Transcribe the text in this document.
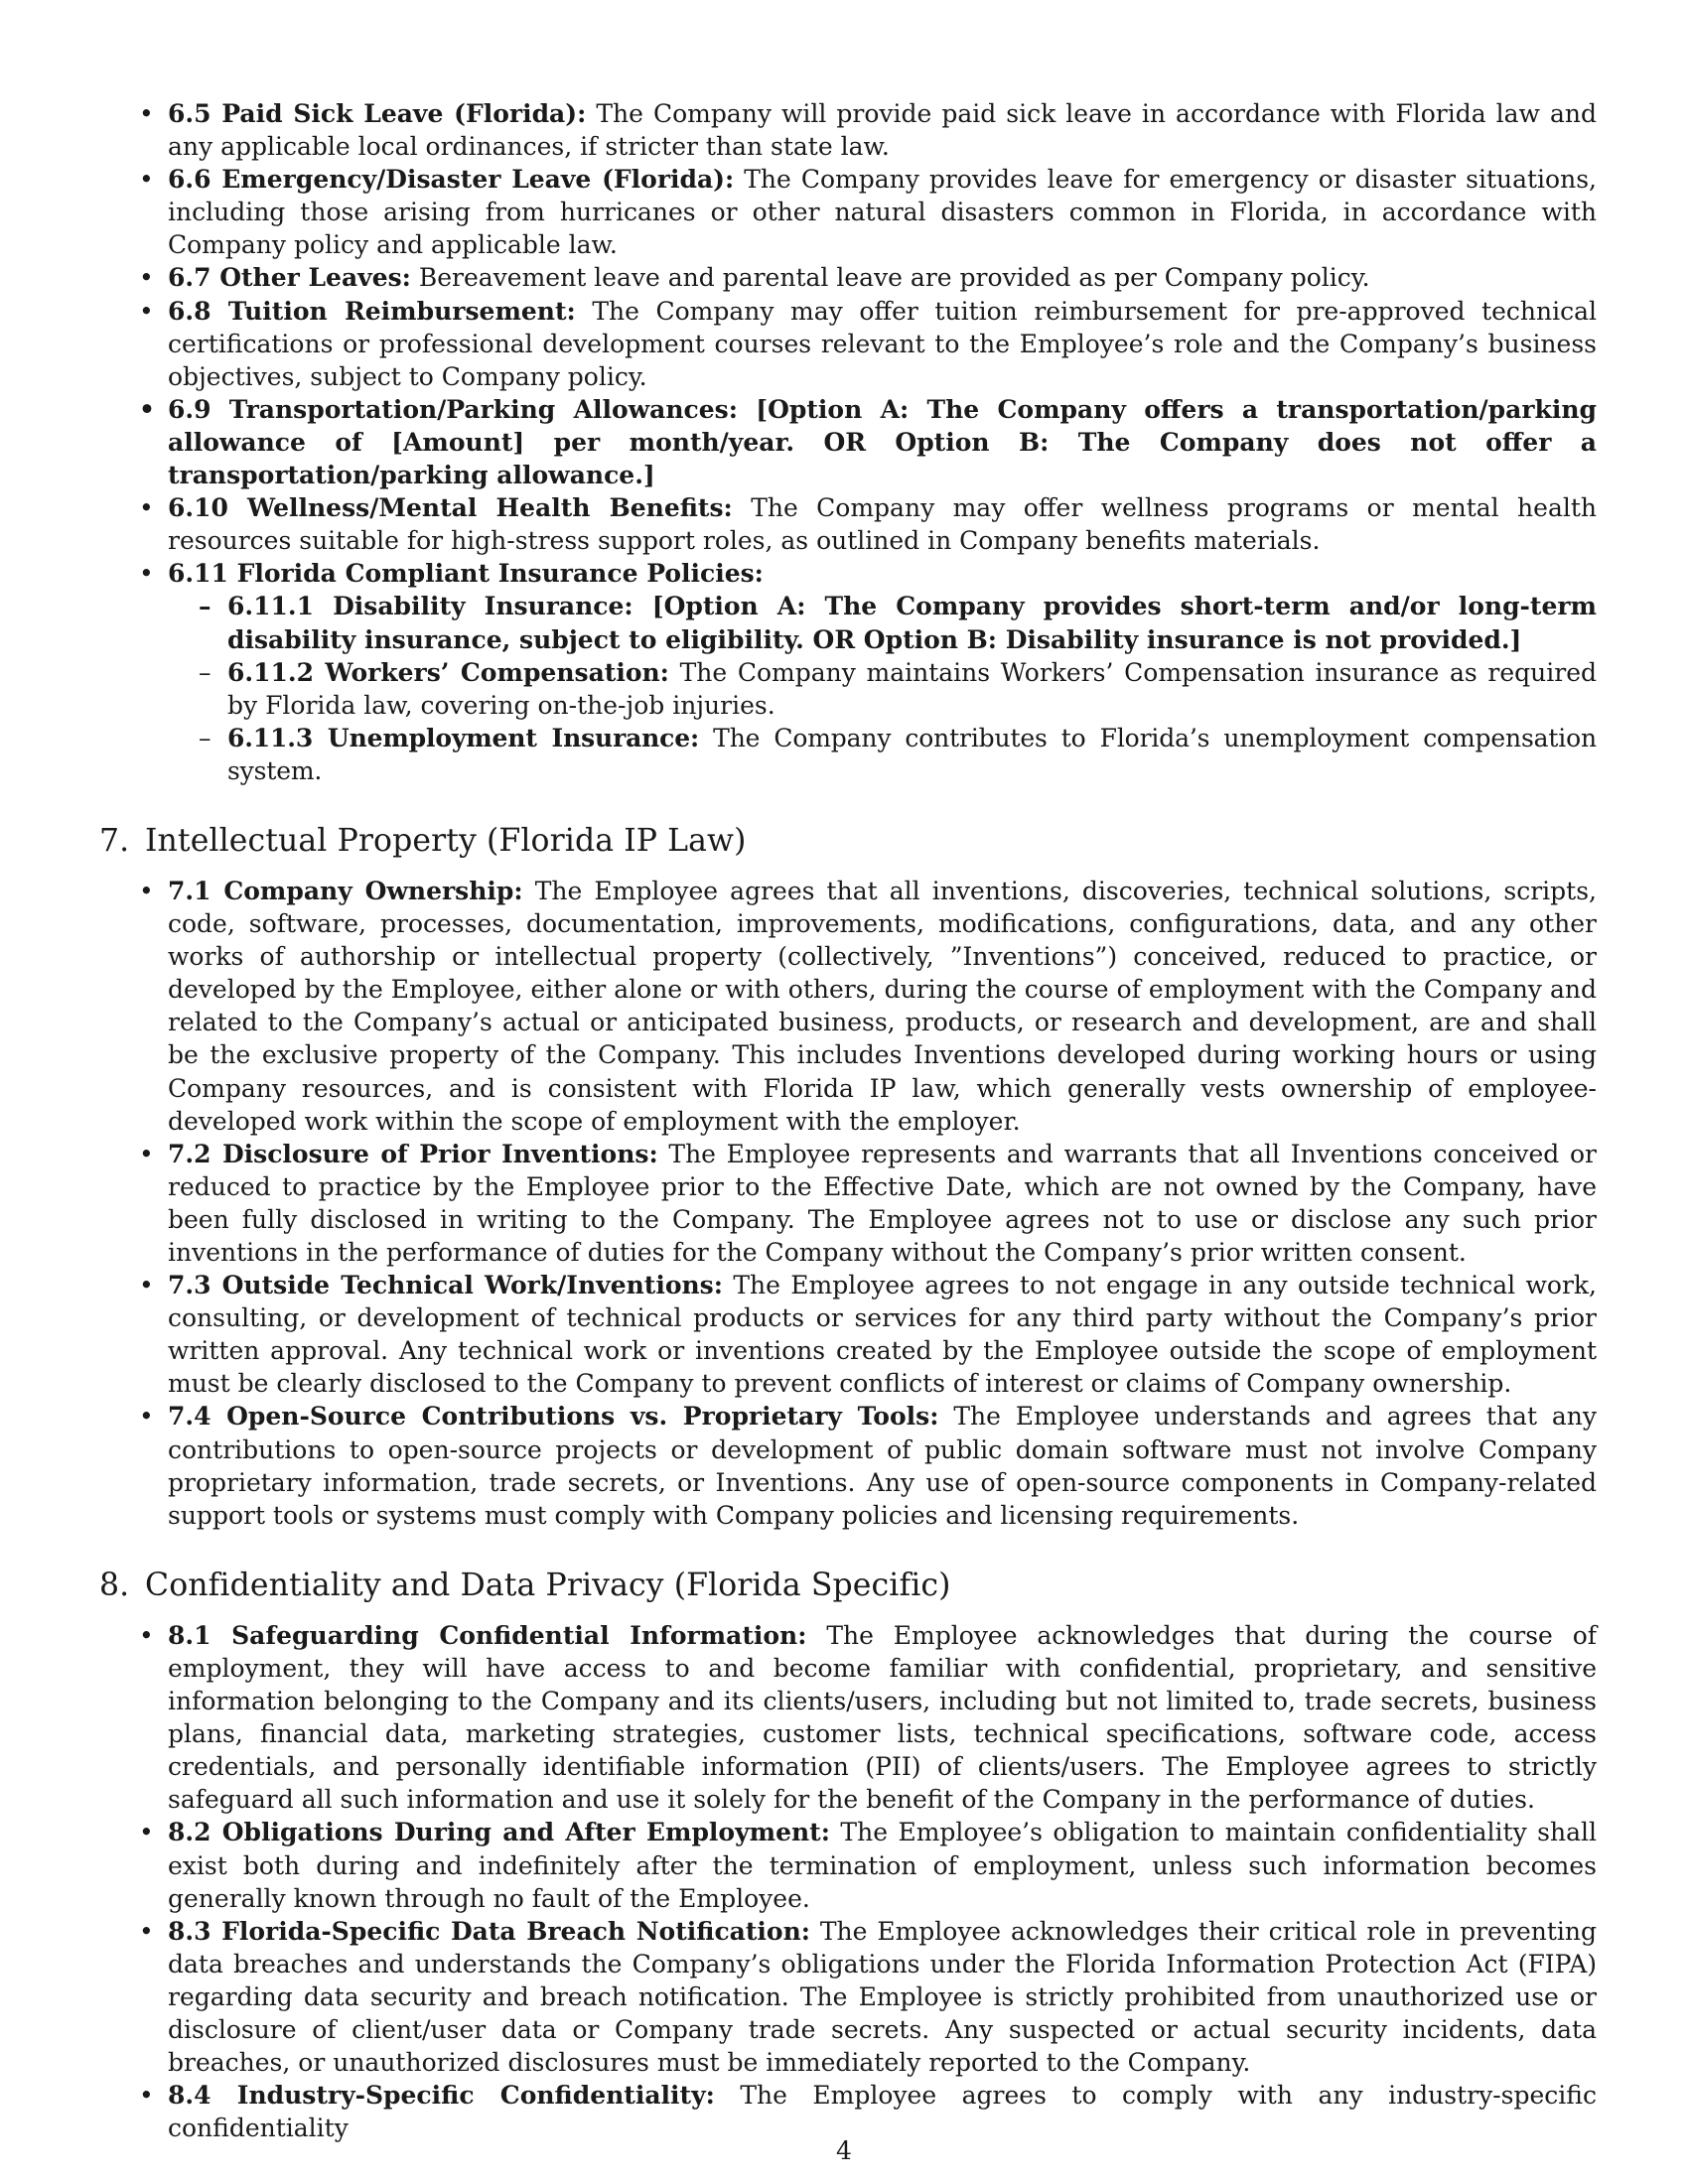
• 6.5 Paid Sick Leave (Florida): The Company will provide paid sick leave in accordance with Florida law and any applicable local ordinances, if stricter than state law.
• 6.6 Emergency/Disaster Leave (Florida): The Company provides leave for emergency or disaster situations, including those arising from hurricanes or other natural disasters common in Florida, in accordance with Company policy and applicable law.
• 6.7 Other Leaves: Bereavement leave and parental leave are provided as per Company policy.
• 6.8 Tuition Reimbursement: The Company may offer tuition reimbursement for pre-approved technical certifications or professional development courses relevant to the Employee’s role and the Company’s business objectives, subject to Company policy.
• 6.9 Transportation/Parking Allowances: [Option A: The Company offers a transportation/parking allowance of [Amount] per month/year. OR Option B: The Company does not offer a transportation/parking allowance.]
• 6.10 Wellness/Mental Health Benefits: The Company may offer wellness programs or mental health resources suitable for high-stress support roles, as outlined in Company benefits materials.
• 6.11 Florida Compliant Insurance Policies:
– 6.11.1 Disability Insurance: [Option A: The Company provides short-term and/or long-term disability insurance, subject to eligibility. OR Option B: Disability insurance is not provided.]
– 6.11.2 Workers’ Compensation: The Company maintains Workers’ Compensation insurance as required by Florida law, covering on-the-job injuries.
– 6.11.3 Unemployment Insurance: The Company contributes to Florida’s unemployment compensation system.
7. Intellectual Property (Florida IP Law)
• 7.1 Company Ownership: The Employee agrees that all inventions, discoveries, technical solutions, scripts, code, software, processes, documentation, improvements, modifications, configurations, data, and any other works of authorship or intellectual property (collectively, ”Inventions”) conceived, reduced to practice, or developed by the Employee, either alone or with others, during the course of employment with the Company and related to the Company’s actual or anticipated business, products, or research and development, are and shall be the exclusive property of the Company. This includes Inventions developed during working hours or using Company resources, and is consistent with Florida IP law, which generally vests ownership of employee-developed work within the scope of employment with the employer.
• 7.2 Disclosure of Prior Inventions: The Employee represents and warrants that all Inventions conceived or reduced to practice by the Employee prior to the Effective Date, which are not owned by the Company, have been fully disclosed in writing to the Company. The Employee agrees not to use or disclose any such prior inventions in the performance of duties for the Company without the Company’s prior written consent.
• 7.3 Outside Technical Work/Inventions: The Employee agrees to not engage in any outside technical work, consulting, or development of technical products or services for any third party without the Company’s prior written approval. Any technical work or inventions created by the Employee outside the scope of employment must be clearly disclosed to the Company to prevent conflicts of interest or claims of Company ownership.
• 7.4 Open-Source Contributions vs. Proprietary Tools: The Employee understands and agrees that any contributions to open-source projects or development of public domain software must not involve Company proprietary information, trade secrets, or Inventions. Any use of open-source components in Company-related support tools or systems must comply with Company policies and licensing requirements.
8. Confidentiality and Data Privacy (Florida Specific)
• 8.1 Safeguarding Confidential Information: The Employee acknowledges that during the course of employment, they will have access to and become familiar with confidential, proprietary, and sensitive information belonging to the Company and its clients/users, including but not limited to, trade secrets, business plans, financial data, marketing strategies, customer lists, technical specifications, software code, access credentials, and personally identifiable information (PII) of clients/users. The Employee agrees to strictly safeguard all such information and use it solely for the benefit of the Company in the performance of duties.
• 8.2 Obligations During and After Employment: The Employee’s obligation to maintain confidentiality shall exist both during and indefinitely after the termination of employment, unless such information becomes generally known through no fault of the Employee.
• 8.3 Florida-Specific Data Breach Notification: The Employee acknowledges their critical role in preventing data breaches and understands the Company’s obligations under the Florida Information Protection Act (FIPA) regarding data security and breach notification. The Employee is strictly prohibited from unauthorized use or disclosure of client/user data or Company trade secrets. Any suspected or actual security incidents, data breaches, or unauthorized disclosures must be immediately reported to the Company.
• 8.4 Industry-Specific Confidentiality: The Employee agrees to comply with any industry-specific confidentiality
4
